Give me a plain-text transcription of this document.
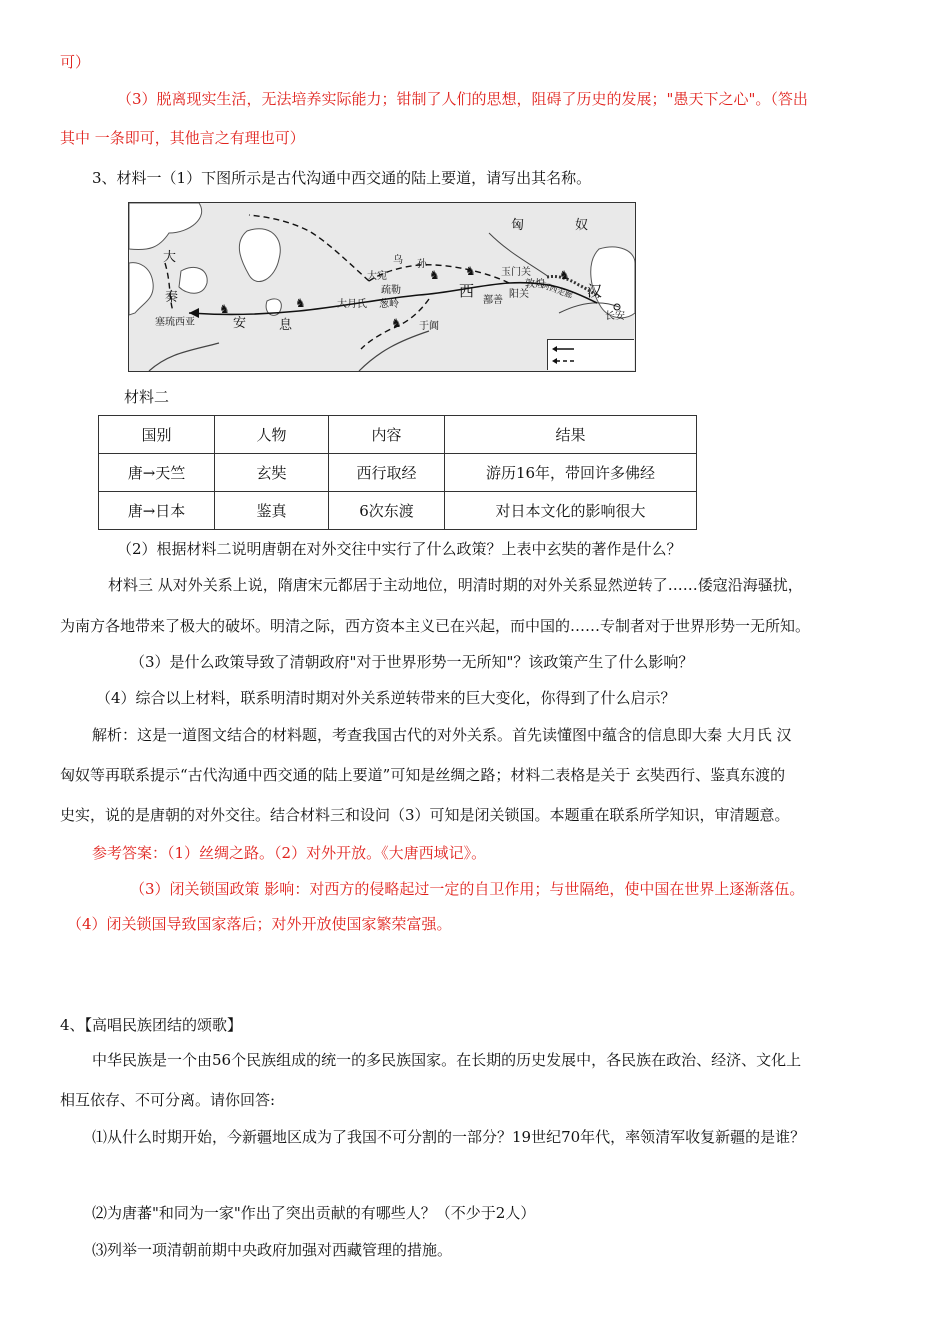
可）
（3）脱离现实生活，无法培养实际能力；钳制了人们的思想，阻碍了历史的发展；"愚天下之心"。（答出
其中 一条即可，其他言之有理也可）
3、材料一（1）下图所示是古代沟通中西交通的陆上要道，请写出其名称。
♞ ♞	♞
♞
♞
♞
匈	奴
大
秦
塞琉西亚	安	息
大月氏
大宛
乌 孙
疏勒
葱岭
于阗
西
鄯善
阳关
玉门关
敦煌
河西走廊 汉
长安
材料二
国别	人物	内容	结果
唐→天竺	玄奘	西行取经	游历16年，带回许多佛经
唐→日本	鉴真	6次东渡	对日本文化的影响很大
（2）根据材料二说明唐朝在对外交往中实行了什么政策？上表中玄奘的著作是什么？
材料三 从对外关系上说，隋唐宋元都居于主动地位，明清时期的对外关系显然逆转了……倭寇沿海骚扰，
为南方各地带来了极大的破坏。明清之际，西方资本主义已在兴起，而中国的……专制者对于世界形势一无所知。
（3）是什么政策导致了清朝政府"对于世界形势一无所知"？该政策产生了什么影响？
（4）综合以上材料，联系明清时期对外关系逆转带来的巨大变化，你得到了什么启示？
解析：这是一道图文结合的材料题，考查我国古代的对外关系。首先读懂图中蕴含的信息即大秦 大月氏 汉
匈奴等再联系提示“古代沟通中西交通的陆上要道”可知是丝绸之路；材料二表格是关于 玄奘西行、鉴真东渡的
史实，说的是唐朝的对外交往。结合材料三和设问（3）可知是闭关锁国。本题重在联系所学知识，审清题意。
参考答案：（1）丝绸之路。（2）对外开放。《大唐西域记》。
（3）闭关锁国政策 影响：对西方的侵略起过一定的自卫作用；与世隔绝，使中国在世界上逐渐落伍。
（4）闭关锁国导致国家落后；对外开放使国家繁荣富强。
4、【高唱民族团结的颂歌】
中华民族是一个由56个民族组成的统一的多民族国家。在长期的历史发展中，各民族在政治、经济、文化上
相互依存、不可分离。请你回答:
⑴从什么时期开始，今新疆地区成为了我国不可分割的一部分？19世纪70年代，率领清军收复新疆的是谁？
⑵为唐蕃"和同为一家"作出了突出贡献的有哪些人？（不少于2人）
⑶列举一项清朝前期中央政府加强对西藏管理的措施。
